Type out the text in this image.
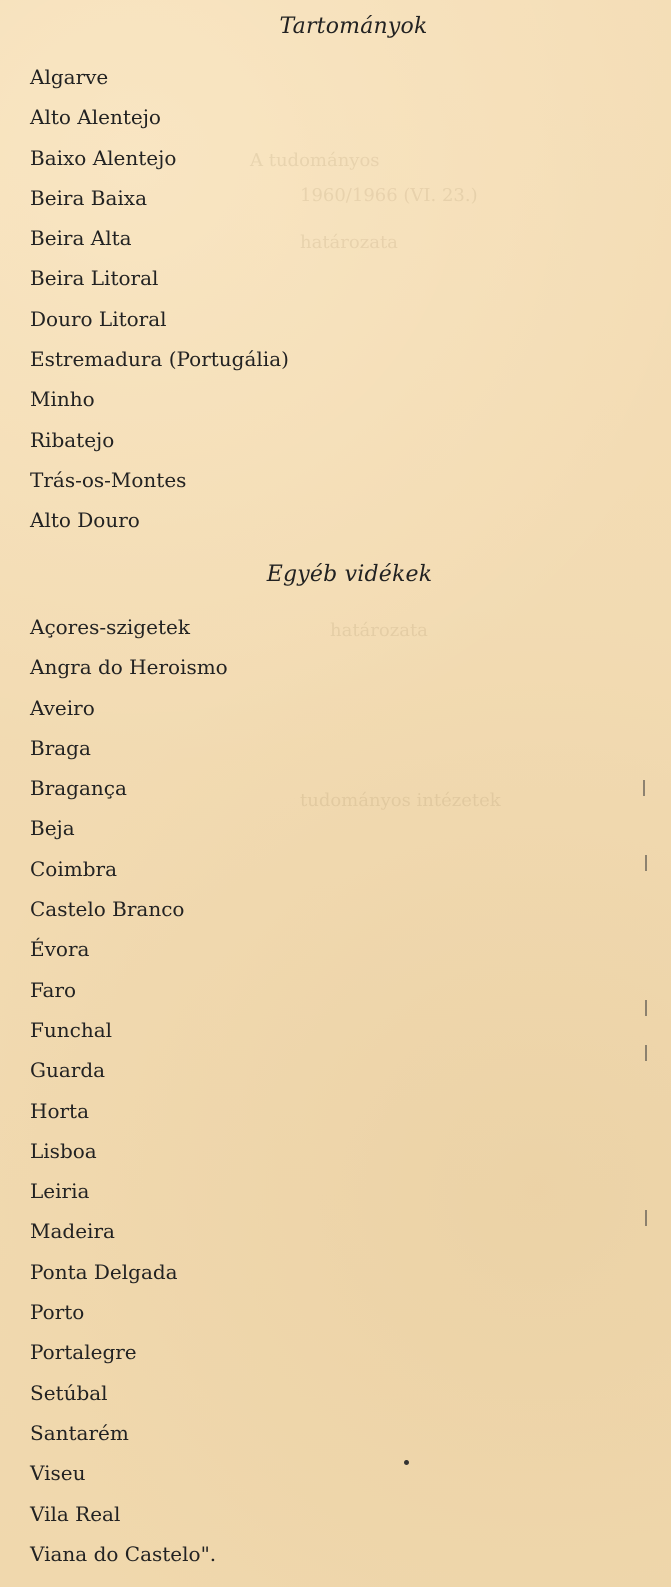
A tudományos
1960/1966 (VI. 23.)
határozata
határozata
tudományos intézetek
Tartományok
Algarve
Alto Alentejo
Baixo Alentejo
Beira Baixa
Beira Alta
Beira Litoral
Douro Litoral
Estremadura (Portugália)
Minho
Ribatejo
Trás-os-Montes
Alto Douro
Egyéb vidékek
Açores-szigetek
Angra do Heroismo
Aveiro
Braga
Bragança
Beja
Coimbra
Castelo Branco
Évora
Faro
Funchal
Guarda
Horta
Lisboa
Leiria
Madeira
Ponta Delgada
Porto
Portalegre
Setúbal
Santarém
Viseu
Vila Real
Viana do Castelo".
